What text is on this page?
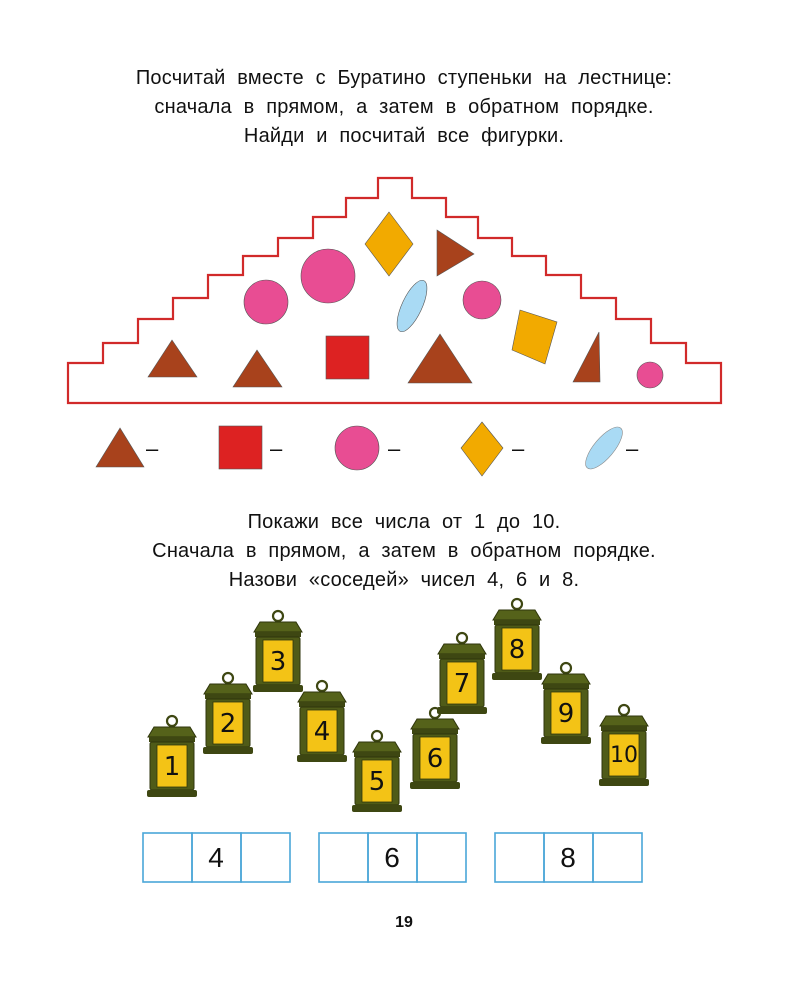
Посчитай вместе с Буратино ступеньки на лестнице:
сначала в прямом, а затем в обратном порядке.
Найди и посчитай все фигурки.
–	–	–	–	–
1
2
3
4
5
6
7
8
9
10
4	6	8
Покажи все числа от 1 до 10.
Сначала в прямом, а затем в обратном порядке.
Назови «соседей» чисел 4, 6 и 8.
19
